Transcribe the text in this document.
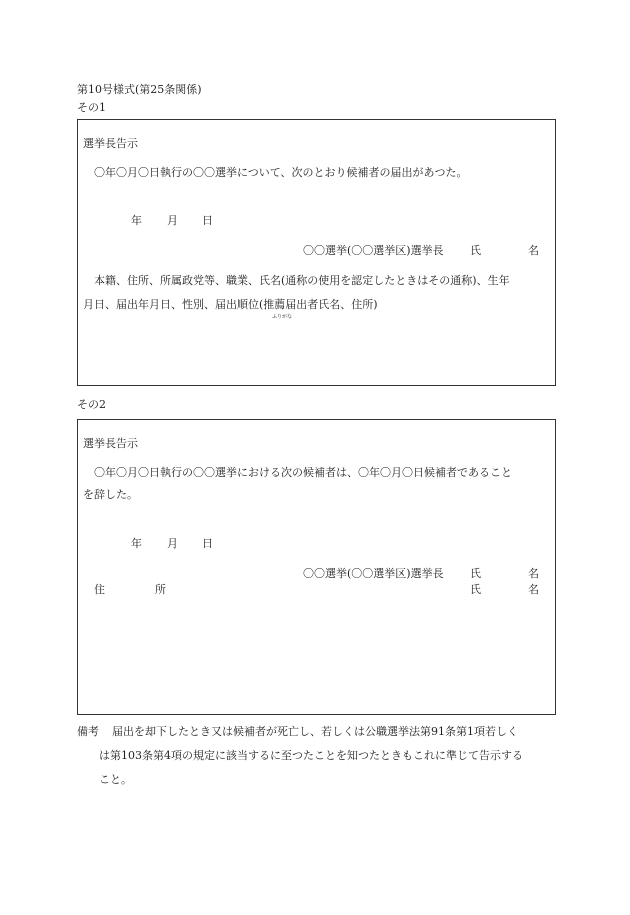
第10号様式(第25条関係)
その1
選挙長告示
〇年〇月〇日執行の〇〇選挙について、次のとおり候補者の届出があつた。
年 月 日
〇〇選挙(〇〇選挙区)選挙長 氏	名
本籍、住所、所属政党等、職業、氏名(通称の使用を認定したときはその通称)、生年
月日、届出年月日、性別、届出順位(推薦届出者氏名、住所)
ふりがな
その2
選挙長告示
〇年〇月〇日執行の〇〇選挙における次の候補者は、〇年〇月〇日候補者であること
を辞した。
年 月 日
〇〇選挙(〇〇選挙区)選挙長 氏	名
住	所	氏	名
備考 届出を却下したとき又は候補者が死亡し、若しくは公職選挙法第91条第1項若しく
は第103条第4項の規定に該当するに至つたことを知つたときもこれに準じて告示する
こと。
